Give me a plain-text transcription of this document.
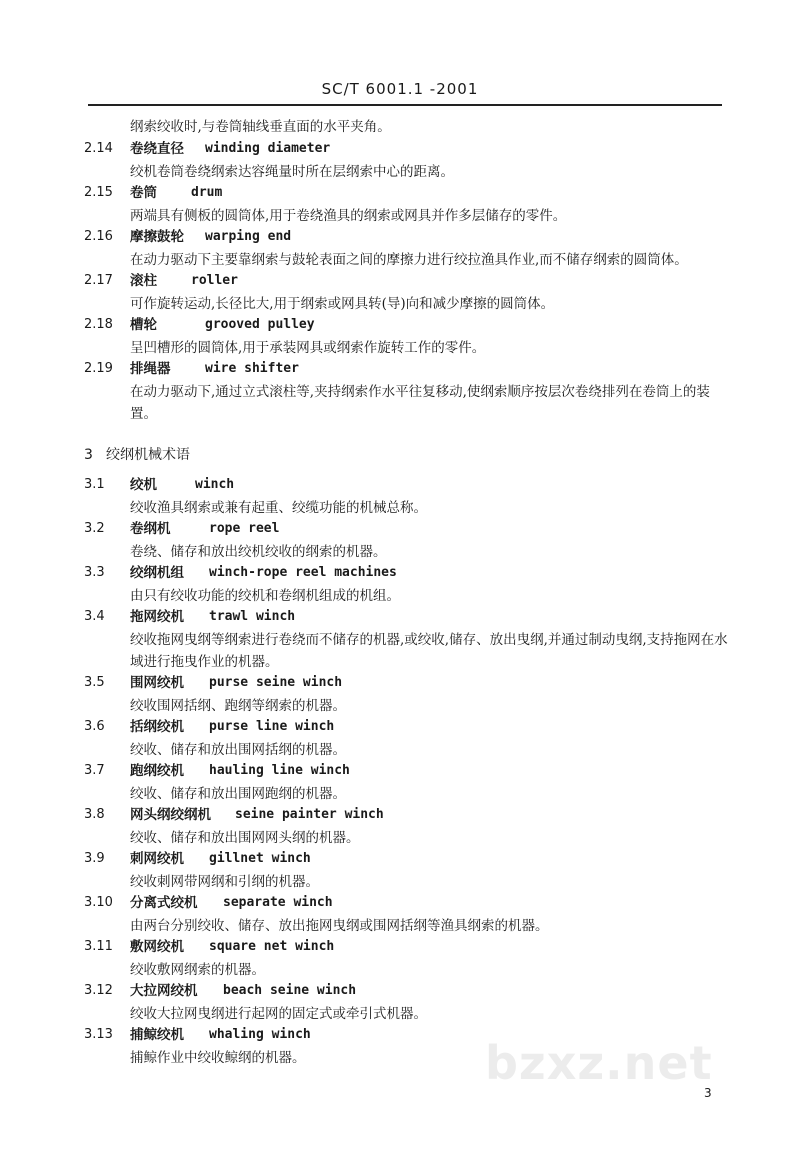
SC/T 6001.1 -2001
纲索绞收时,与卷筒轴线垂直面的水平夹角。
2.14 卷绕直径 winding diameter
绞机卷筒卷绕纲索达容绳量时所在层纲索中心的距离。
2.15 卷筒	drum
两端具有侧板的圆筒体,用于卷绕渔具的纲索或网具并作多层储存的零件。
2.16 摩擦鼓轮 warping end
在动力驱动下主要靠纲索与鼓轮表面之间的摩擦力进行绞拉渔具作业,而不储存纲索的圆筒体。
2.17 滚柱	roller
可作旋转运动,长径比大,用于纲索或网具转(导)向和减少摩擦的圆筒体。
2.18 槽轮	grooved pulley
呈凹槽形的圆筒体,用于承装网具或纲索作旋转工作的零件。
2.19 排绳器	wire shifter
在动力驱动下,通过立式滚柱等,夹持纲索作水平往复移动,使纲索顺序按层次卷绕排列在卷筒上的装置。
3 绞纲机械术语
3.1 绞机	winch
绞收渔具纲索或兼有起重、绞缆功能的机械总称。
3.2 卷纲机	rope reel
卷绕、储存和放出绞机绞收的纲索的机器。
3.3 绞纲机组 winch-rope reel machines
由只有绞收功能的绞机和卷纲机组成的机组。
3.4 拖网绞机 trawl winch
绞收拖网曳纲等纲索进行卷绕而不储存的机器,或绞收,储存、放出曳纲,并通过制动曳纲,支持拖网在水域进行拖曳作业的机器。
3.5 围网绞机 purse seine winch
绞收围网括纲、跑纲等纲索的机器。
3.6 括纲绞机 purse line winch
绞收、储存和放出围网括纲的机器。
3.7 跑纲绞机 hauling line winch
绞收、储存和放出围网跑纲的机器。
3.8 网头纲绞纲机 seine painter winch
绞收、储存和放出围网网头纲的机器。
3.9 刺网绞机 gillnet winch
绞收刺网带网纲和引纲的机器。
3.10 分离式绞机 separate winch
由两台分别绞收、储存、放出拖网曳纲或围网括纲等渔具纲索的机器。
3.11 敷网绞机 square net winch
绞收敷网纲索的机器。
3.12 大拉网绞机 beach seine winch
绞收大拉网曳纲进行起网的固定式或牵引式机器。
3.13 捕鲸绞机 whaling winch
捕鲸作业中绞收鲸纲的机器。	bzxz.net
3
